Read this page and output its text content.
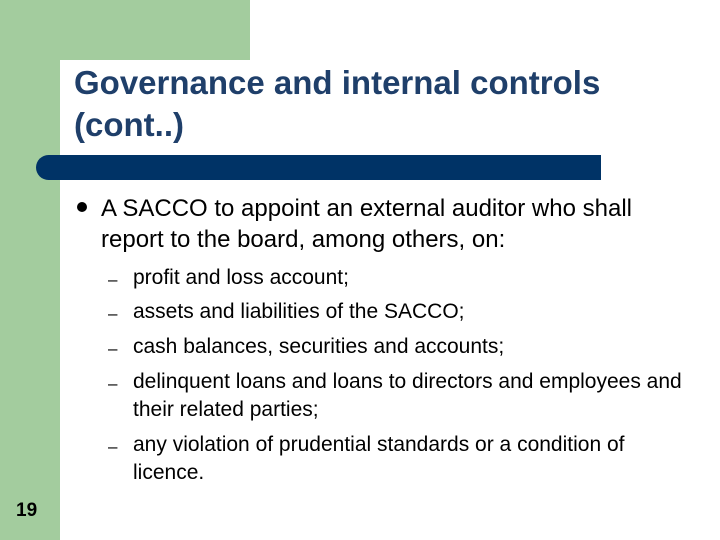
Governance and internal controls (cont..)
A SACCO to appoint an external auditor who shall report to the board, among others, on:
– profit and loss account;
– assets and liabilities of the SACCO;
– cash balances, securities and accounts;
– delinquent loans and loans to directors and employees and their related parties;
– any violation of prudential standards or a condition of licence.
19
